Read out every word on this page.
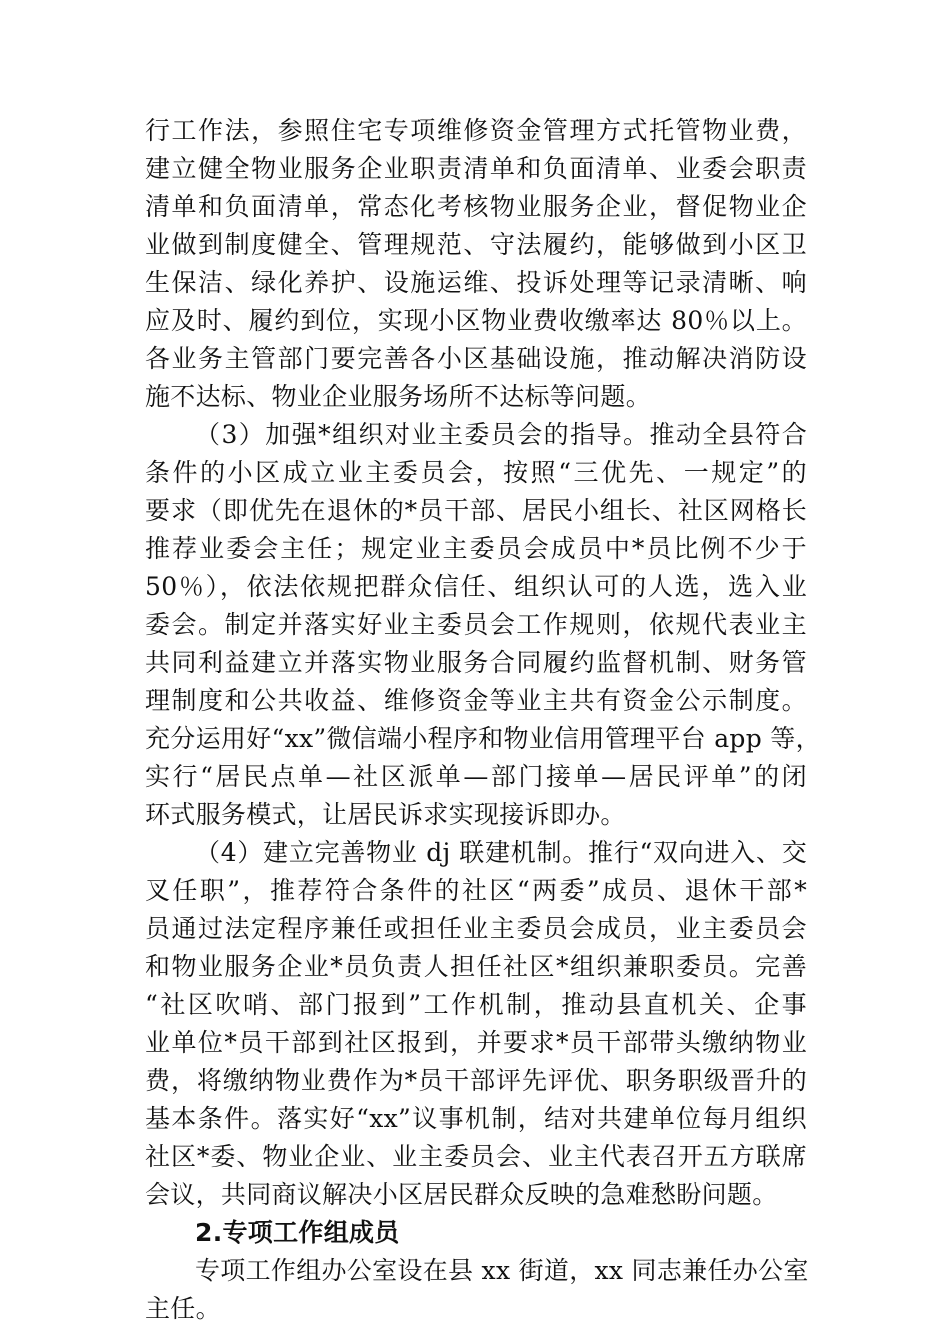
行工作法，参照住宅专项维修资金管理方式托管物业费，
建立健全物业服务企业职责清单和负面清单、业委会职责
清单和负面清单，常态化考核物业服务企业，督促物业企
业做到制度健全、管理规范、守法履约，能够做到小区卫
生保洁、绿化养护、设施运维、投诉处理等记录清晰、响
应及时、履约到位，实现小区物业费收缴率达 80％以上。
各业务主管部门要完善各小区基础设施，推动解决消防设
施不达标、物业企业服务场所不达标等问题。
（3）加强*组织对业主委员会的指导。推动全县符合
条件的小区成立业主委员会，按照“三优先、一规定”的
要求（即优先在退休的*员干部、居民小组长、社区网格长
推荐业委会主任；规定业主委员会成员中*员比例不少于
50％），依法依规把群众信任、组织认可的人选，选入业
委会。制定并落实好业主委员会工作规则，依规代表业主
共同利益建立并落实物业服务合同履约监督机制、财务管
理制度和公共收益、维修资金等业主共有资金公示制度。
充分运用好“xx”微信端小程序和物业信用管理平台 app 等，
实行“居民点单—社区派单—部门接单—居民评单”的闭
环式服务模式，让居民诉求实现接诉即办。
（4）建立完善物业 dj 联建机制。推行“双向进入、交
叉任职”，推荐符合条件的社区“两委”成员、退休干部*
员通过法定程序兼任或担任业主委员会成员，业主委员会
和物业服务企业*员负责人担任社区*组织兼职委员。完善
“社区吹哨、部门报到”工作机制，推动县直机关、企事
业单位*员干部到社区报到，并要求*员干部带头缴纳物业
费，将缴纳物业费作为*员干部评先评优、职务职级晋升的
基本条件。落实好“xx”议事机制，结对共建单位每月组织
社区*委、物业企业、业主委员会、业主代表召开五方联席
会议，共同商议解决小区居民群众反映的急难愁盼问题。
2.专项工作组成员
专项工作组办公室设在县 xx 街道，xx 同志兼任办公室
主任。
